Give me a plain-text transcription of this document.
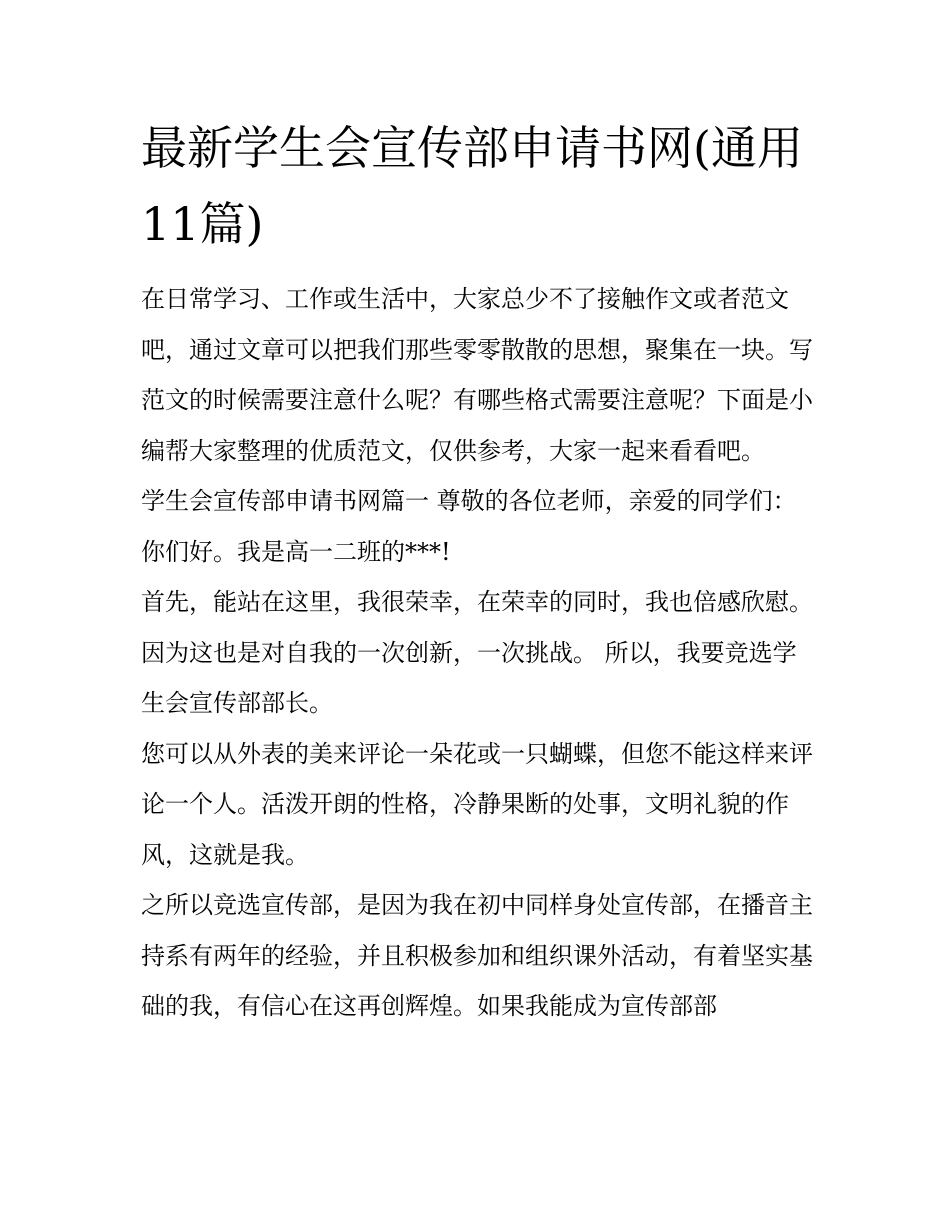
最新学生会宣传部申请书网(通用11篇)

在日常学习、工作或生活中，大家总少不了接触作文或者范文吧，通过文章可以把我们那些零零散散的思想，聚集在一块。写范文的时候需要注意什么呢？有哪些格式需要注意呢？下面是小编帮大家整理的优质范文，仅供参考，大家一起来看看吧。

学生会宣传部申请书网篇一 尊敬的各位老师，亲爱的同学们： 你们好。我是高一二班的***!

首先，能站在这里，我很荣幸，在荣幸的同时，我也倍感欣慰。因为这也是对自我的一次创新，一次挑战。 所以，我要竞选学生会宣传部部长。

您可以从外表的美来评论一朵花或一只蝴蝶，但您不能这样来评论一个人。活泼开朗的性格，冷静果断的处事，文明礼貌的作风，这就是我。

之所以竞选宣传部，是因为我在初中同样身处宣传部，在播音主持系有两年的经验，并且积极参加和组织课外活动，有着坚实基础的我，有信心在这再创辉煌。如果我能成为宣传部部
